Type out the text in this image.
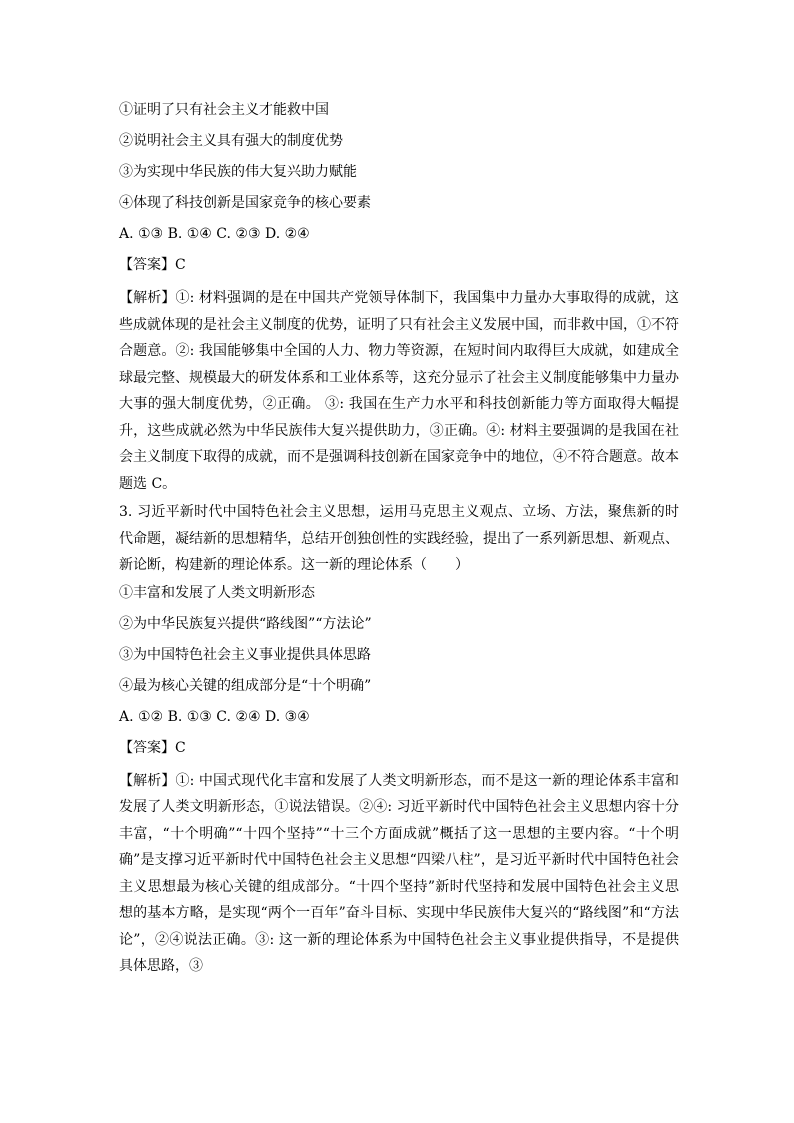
①证明了只有社会主义才能救中国

②说明社会主义具有强大的制度优势

③为实现中华民族的伟大复兴助力赋能

④体现了科技创新是国家竞争的核心要素

A. ①③ B. ①④ C. ②③ D. ②④

【答案】C

【解析】①: 材料强调的是在中国共产党领导体制下，我国集中力量办大事取得的成就，这些成就体现的是社会主义制度的优势，证明了只有社会主义发展中国，而非救中国，①不符合题意。②: 我国能够集中全国的人力、物力等资源，在短时间内取得巨大成就，如建成全球最完整、规模最大的研发体系和工业体系等，这充分显示了社会主义制度能够集中力量办大事的强大制度优势，②正确。 ③: 我国在生产力水平和科技创新能力等方面取得大幅提升，这些成就必然为中华民族伟大复兴提供助力，③正确。④: 材料主要强调的是我国在社会主义制度下取得的成就，而不是强调科技创新在国家竞争中的地位，④不符合题意。故本题选 C。

3. 习近平新时代中国特色社会主义思想，运用马克思主义观点、立场、方法，聚焦新的时代命题，凝结新的思想精华，总结开创独创性的实践经验，提出了一系列新思想、新观点、新论断，构建新的理论体系。这一新的理论体系（　　）

①丰富和发展了人类文明新形态

②为中华民族复兴提供“路线图”“方法论”

③为中国特色社会主义事业提供具体思路

④最为核心关键的组成部分是“十个明确”

A. ①② B. ①③ C. ②④ D. ③④

【答案】C

【解析】①: 中国式现代化丰富和发展了人类文明新形态，而不是这一新的理论体系丰富和发展了人类文明新形态，①说法错误。②④: 习近平新时代中国特色社会主义思想内容十分丰富，“十个明确”“十四个坚持”“十三个方面成就”概括了这一思想的主要内容。“十个明确”是支撑习近平新时代中国特色社会主义思想“四梁八柱”，是习近平新时代中国特色社会主义思想最为核心关键的组成部分。“十四个坚持”新时代坚持和发展中国特色社会主义思想的基本方略，是实现“两个一百年”奋斗目标、实现中华民族伟大复兴的“路线图”和“方法论”，②④说法正确。③: 这一新的理论体系为中国特色社会主义事业提供指导，不是提供具体思路，③
